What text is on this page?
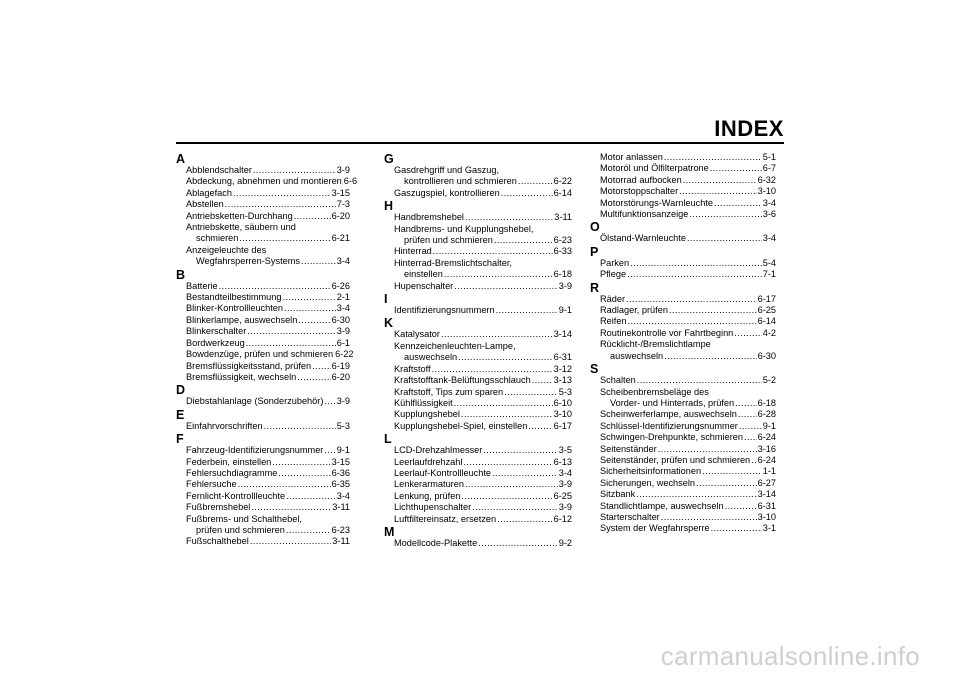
INDEX
A
Abblendschalter .....	3-9
Abdeckung, abnehmen und montieren 6-6
Ablagefach .....	3-15
Abstellen .....	7-3
Antriebsketten-Durchhang .....	6-20
Antriebskette, säubern und
schmieren .....	6-21
Anzeigeleuchte des
Wegfahrsperren-Systems .....	3-4
B
Batterie .....	6-26
Bestandteilbestimmung .....	2-1
Blinker-Kontrollleuchten .....	3-4
Blinkerlampe, auswechseln .....	6-30
Blinkerschalter .....	3-9
Bordwerkzeug .....	6-1
Bowdenzüge, prüfen und schmieren 6-22
Bremsflüssigkeitsstand, prüfen ..... 6-19
Bremsflüssigkeit, wechseln .....	6-20
D
Diebstahlanlage (Sonderzubehör) ..... 3-9
E
Einfahrvorschriften .....	5-3
F
Fahrzeug-Identifizierungsnummer ..... 9-1
Federbein, einstellen .....	3-15
Fehlersuchdiagramme .....	6-36
Fehlersuche .....	6-35
Fernlicht-Kontrollleuchte .....	3-4
Fußbremshebel .....	3-11
Fußbrems- und Schalthebel,
prüfen und schmieren .....	6-23
Fußschalthebel .....	3-11
G
Gasdrehgriff und Gaszug,
kontrollieren und schmieren .....	6-22
Gaszugspiel, kontrollieren .....	6-14
H
Handbremshebel .....	3-11
Handbrems- und Kupplungshebel,
prüfen und schmieren .....	6-23
Hinterrad .....	6-33
Hinterrad-Bremslichtschalter,
einstellen .....	6-18
Hupenschalter .....	3-9
I
Identifizierungsnummern .....	9-1
K
Katalysator .....	3-14
Kennzeichenleuchten-Lampe,
auswechseln .....	6-31
Kraftstoff .....	3-12
Kraftstofftank-Belüftungsschlauch ..... 3-13
Kraftstoff, Tips zum sparen .....	5-3
Kühlflüssigkeit .....	6-10
Kupplungshebel .....	3-10
Kupplungshebel-Spiel, einstellen .....	6-17
L
LCD-Drehzahlmesser .....	3-5
Leerlaufdrehzahl .....	6-13
Leerlauf-Kontrollleuchte .....	3-4
Lenkerarmaturen .....	3-9
Lenkung, prüfen .....	6-25
Lichthupenschalter .....	3-9
Luftfiltereinsatz, ersetzen .....	6-12
M
Modellcode-Plakette .....	9-2
Motor anlassen .....	5-1
Motoröl und Ölfilterpatrone .....	6-7
Motorrad aufbocken .....	6-32
Motorstoppschalter .....	3-10
Motorstörungs-Warnleuchte .....	3-4
Multifunktionsanzeige .....	3-6
O
Ölstand-Warnleuchte .....	3-4
P
Parken .....	5-4
Pflege .....	7-1
R
Räder .....	6-17
Radlager, prüfen .....	6-25
Reifen .....	6-14
Routinekontrolle vor Fahrtbeginn .....	4-2
Rücklicht-/Bremslichtlampe
auswechseln .....	6-30
S
Schalten .....	5-2
Scheibenbremsbeläge des
Vorder- und Hinterrads, prüfen .....	6-18
Scheinwerferlampe, auswechseln ..... 6-28
Schlüssel-Identifizierungsnummer .....	9-1
Schwingen-Drehpunkte, schmieren ..... 6-24
Seitenständer .....	3-16
Seitenständer, prüfen und schmieren ..... 6-24
Sicherheitsinformationen .....	1-1
Sicherungen, wechseln .....	6-27
Sitzbank .....	3-14
Standlichtlampe, auswechseln .....	6-31
Starterschalter .....	3-10
System der Wegfahrsperre .....	3-1
carmanualsonline.info
